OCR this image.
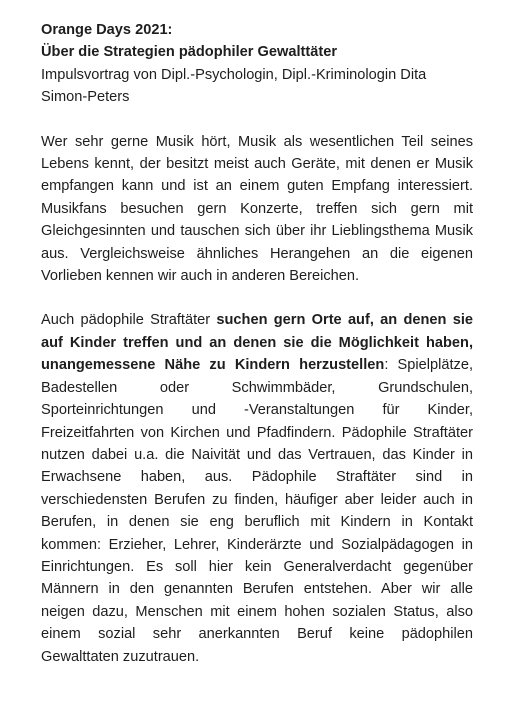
Orange Days 2021:
Über die Strategien pädophiler Gewalttäter
Impulsvortrag von Dipl.-Psychologin, Dipl.-Kriminologin Dita Simon-Peters

Wer sehr gerne Musik hört, Musik als wesentlichen Teil seines Lebens kennt, der besitzt meist auch Geräte, mit denen er Musik empfangen kann und ist an einem guten Empfang interessiert. Musikfans besuchen gern Konzerte, treffen sich gern mit Gleichgesinnten und tauschen sich über ihr Lieblingsthema Musik aus. Vergleichsweise ähnliches Herangehen an die eigenen Vorlieben kennen wir auch in anderen Bereichen.

Auch pädophile Straftäter suchen gern Orte auf, an denen sie auf Kinder treffen und an denen sie die Möglichkeit haben, unangemessene Nähe zu Kindern herzustellen: Spielplätze, Badestellen oder Schwimmbäder, Grundschulen, Sporteinrichtungen und -Veranstaltungen für Kinder, Freizeitfahrten von Kirchen und Pfadfindern. Pädophile Straftäter nutzen dabei u.a. die Naivität und das Vertrauen, das Kinder in Erwachsene haben, aus. Pädophile Straftäter sind in verschiedensten Berufen zu finden, häufiger aber leider auch in Berufen, in denen sie eng beruflich mit Kindern in Kontakt kommen: Erzieher, Lehrer, Kinderärzte und Sozialpädagogen in Einrichtungen. Es soll hier kein Generalverdacht gegenüber Männern in den genannten Berufen entstehen. Aber wir alle neigen dazu, Menschen mit einem hohen sozialen Status, also einem sozial sehr anerkannten Beruf keine pädophilen Gewalttaten zuzutrauen.
